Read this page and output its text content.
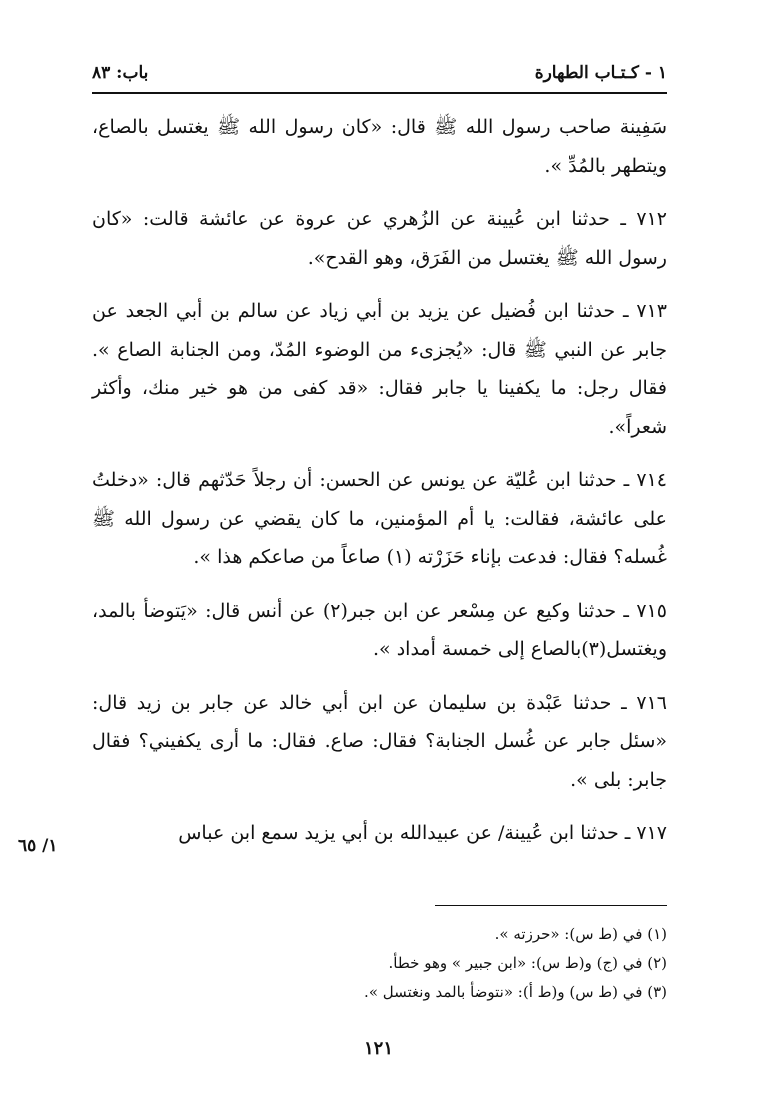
١ - كـتـاب الطهارة
باب: ٨٣

سَفِينة صاحب رسول الله ﷺ قال: «كان رسول الله ﷺ يغتسل بالصاع، ويتطهر بالمُدِّ ».

٧١٢ ـ حدثنا ابن عُيينة عن الزُهري عن عروة عن عائشة قالت: «كان رسول الله ﷺ يغتسل من الفَرَق، وهو القدح».

٧١٣ ـ حدثنا ابن فُضيل عن يزيد بن أبي زياد عن سالم بن أبي الجعد عن جابر عن النبي ﷺ قال: «يُجزىء من الوضوء المُدّ، ومن الجنابة الصاع ». فقال رجل: ما يكفينا يا جابر فقال: «قد كفى من هو خير منك، وأكثر شعراً».

٧١٤ ـ حدثنا ابن عُليّة عن يونس عن الحسن: أن رجلاً حَدّثهم قال: «دخلتُ على عائشة، فقالت: يا أم المؤمنين، ما كان يقضي عن رسول الله ﷺ غُسله؟ فقال: فدعت بإناء حَزَرْته (١) صاعاً من صاعكم هذا ».

٧١٥ ـ حدثنا وكيع عن مِسْعر عن ابن جبر(٢) عن أنس قال: «يَتوضأ بالمد، ويغتسل(٣)بالصاع إلى خمسة أمداد ».

٧١٦ ـ حدثنا عَبْدة بن سليمان عن ابن أبي خالد عن جابر بن زيد قال: «سئل جابر عن غُسل الجنابة؟ فقال: صاع. فقال: ما أرى يكفيني؟ فقال جابر: بلى ».

٧١٧ ـ حدثنا ابن عُيينة/ عن عبيدالله بن أبي يزيد سمع ابن عباس

١/ ٦٥

(١) في (ط س): «حرزته ».

(٢) في (ج) و(ط س): «ابن جبير » وهو خطأ.

(٣) في (ط س) و(ط أ): «نتوضأ بالمد ونغتسل ».

١٢١
